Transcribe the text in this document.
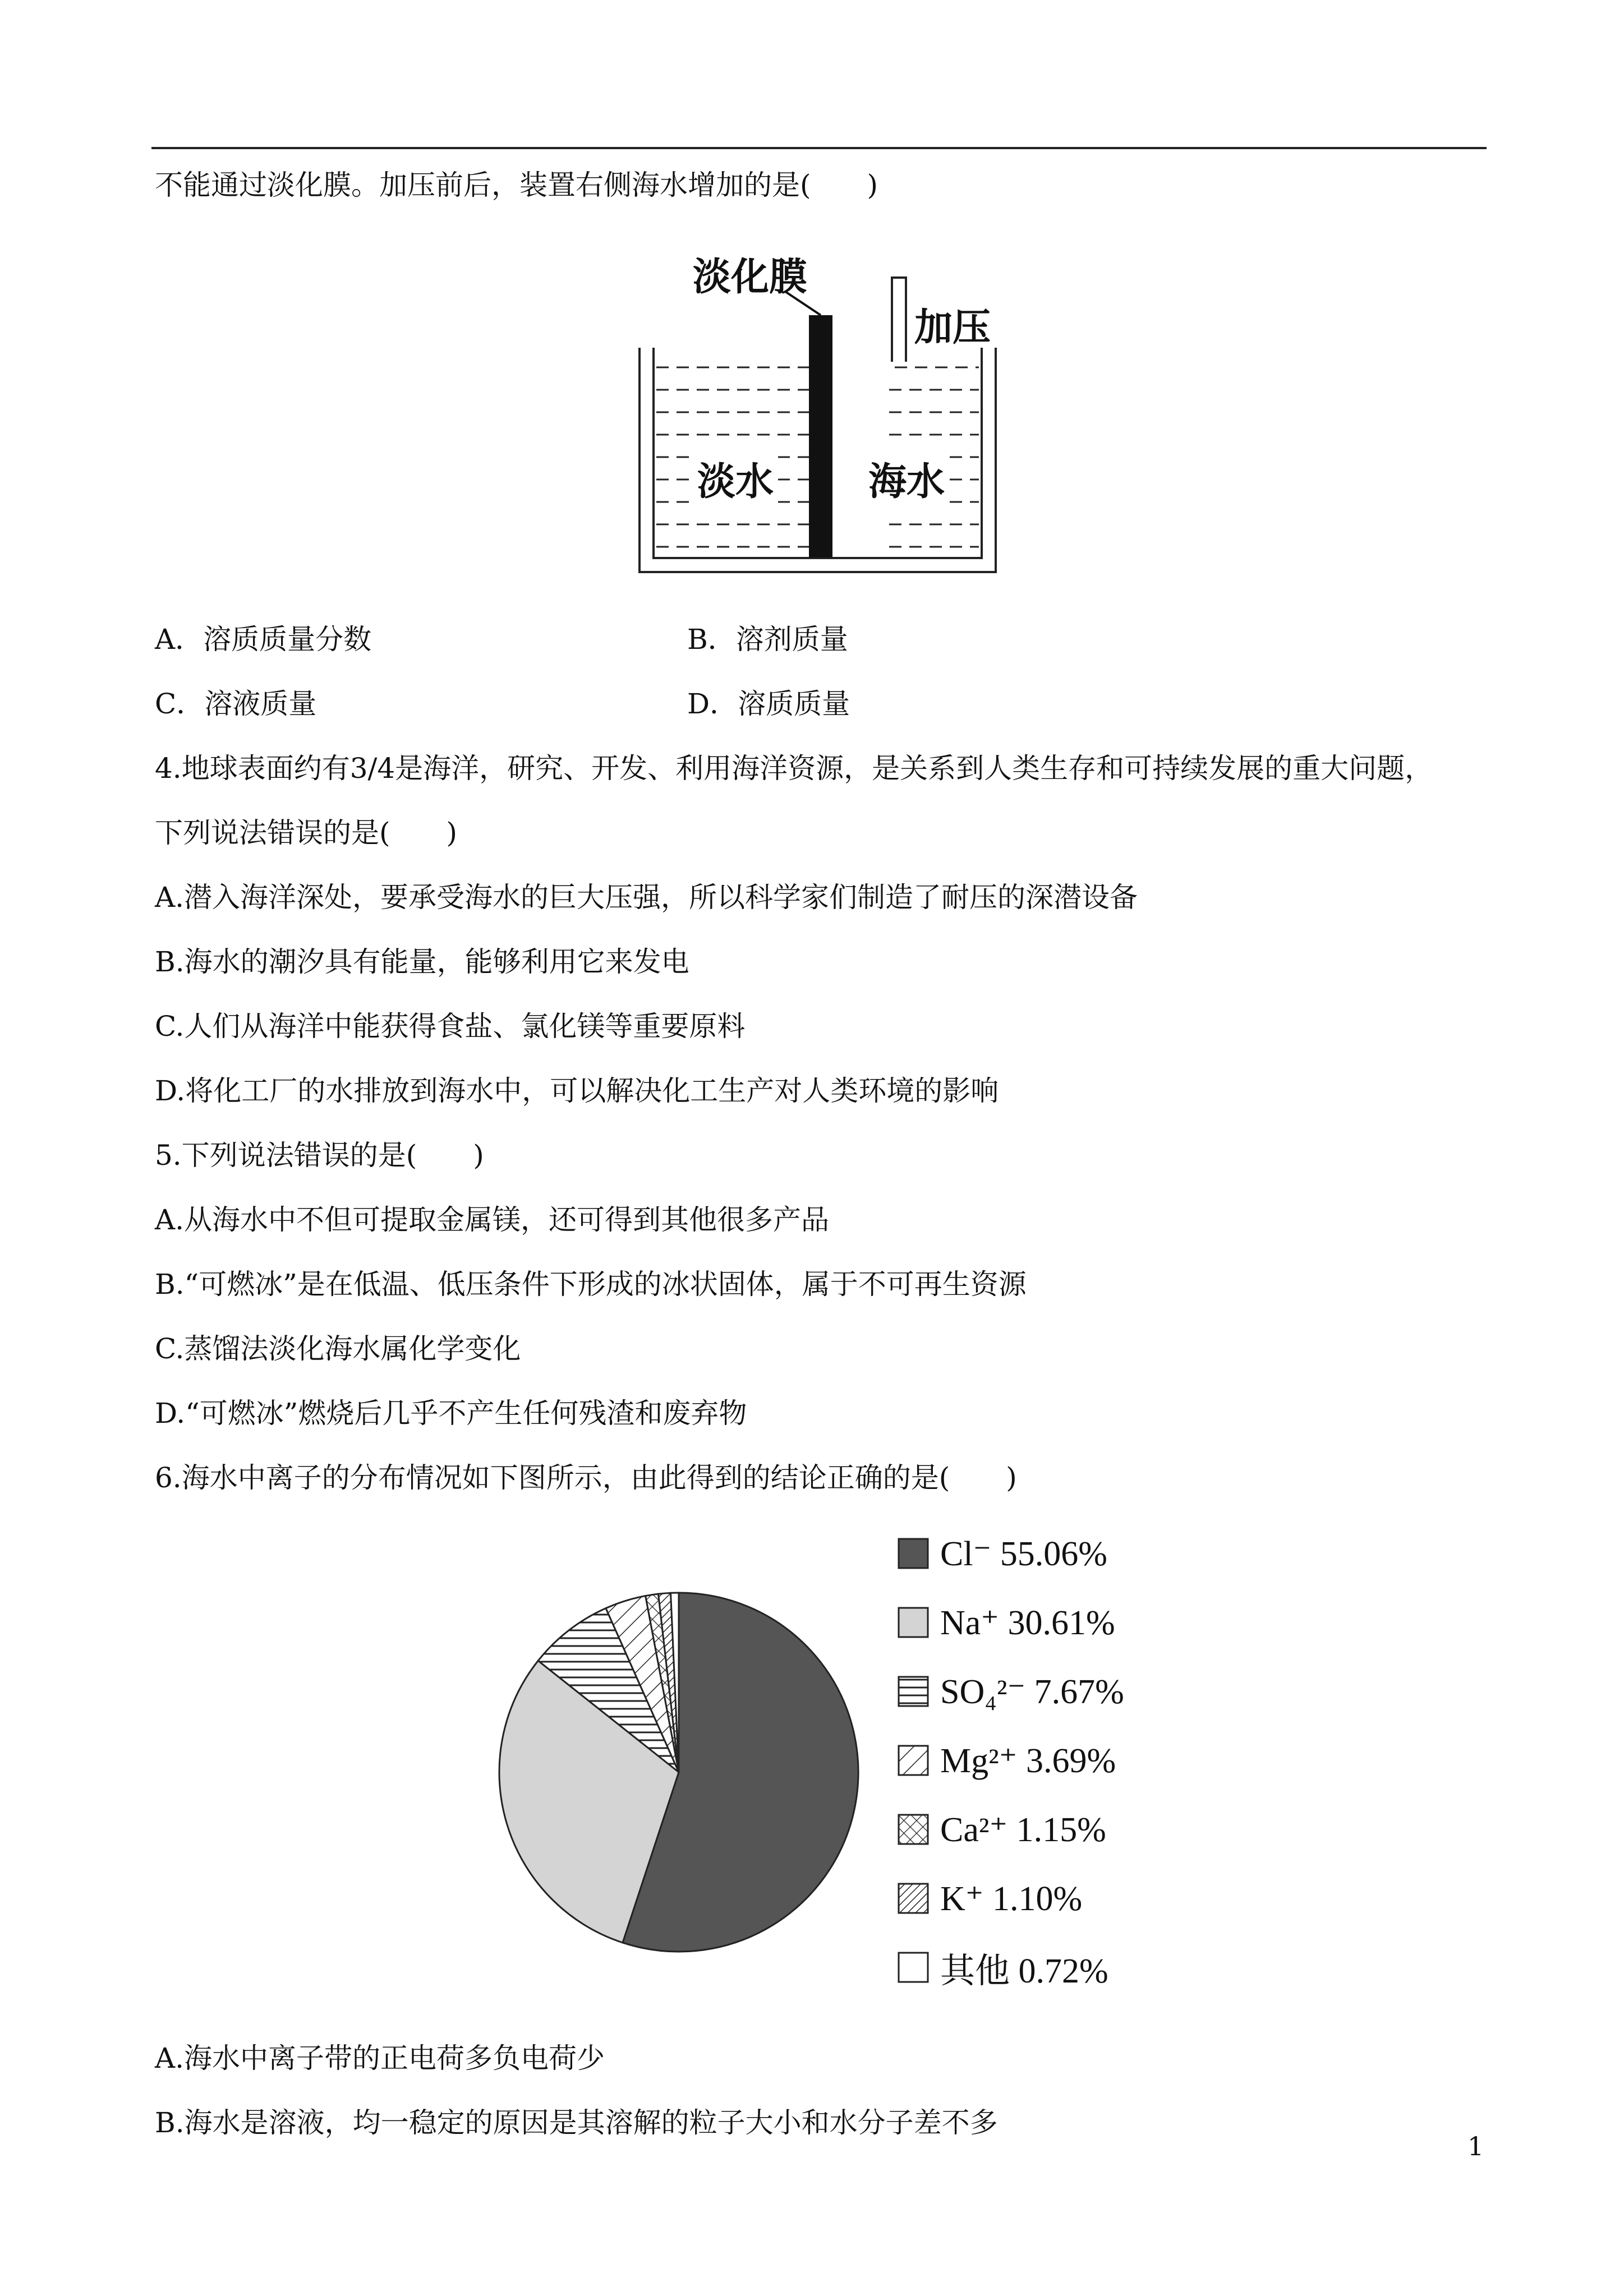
不能通过淡化膜。加压前后，装置右侧海水增加的是(　　)
淡化膜
加压
淡水 海水
A．溶质质量分数	B．溶剂质量
C．溶液质量	D．溶质质量
4.地球表面约有3/4是海洋，研究、开发、利用海洋资源，是关系到人类生存和可持续发展的重大问题，
下列说法错误的是(　　)
A.潜入海洋深处，要承受海水的巨大压强，所以科学家们制造了耐压的深潜设备
B.海水的潮汐具有能量，能够利用它来发电
C.人们从海洋中能获得食盐、氯化镁等重要原料
D.将化工厂的水排放到海水中，可以解决化工生产对人类环境的影响
5.下列说法错误的是(　　)
A.从海水中不但可提取金属镁，还可得到其他很多产品
B.“可燃冰”是在低温、低压条件下形成的冰状固体，属于不可再生资源
C.蒸馏法淡化海水属化学变化
D.“可燃冰”燃烧后几乎不产生任何残渣和废弃物
6.海水中离子的分布情况如下图所示，由此得到的结论正确的是(　　)
Cl⁻ 55.06%
Na⁺ 30.61%
SO₄²⁻ 7.67%
Mg²⁺ 3.69%
Ca²⁺ 1.15%
K⁺ 1.10%
其他 0.72%
A.海水中离子带的正电荷多负电荷少
B.海水是溶液，均一稳定的原因是其溶解的粒子大小和水分子差不多
1
